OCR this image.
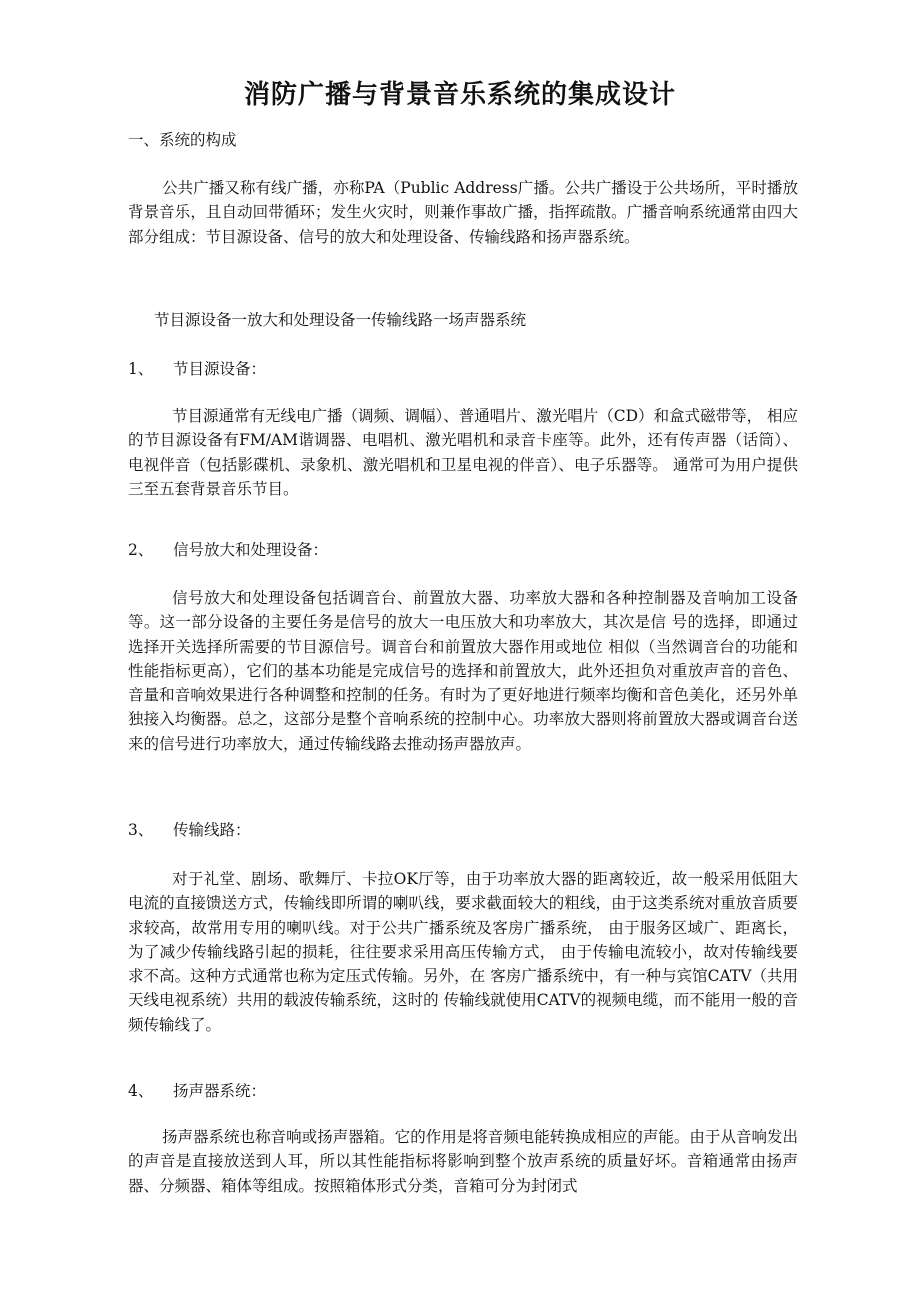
消防广播与背景音乐系统的集成设计

一、系统的构成

公共广播又称有线广播，亦称PA（Public Address广播。公共广播设于公共场所，平时播放背景音乐，且自动回带循环；发生火灾时，则兼作事故广播，指挥疏散。广播音响系统通常由四大部分组成：节目源设备、信号的放大和处理设备、传输线路和扬声器系统。

节目源设备一放大和处理设备一传输线路一场声器系统

1、 节目源设备：

节目源通常有无线电广播（调频、调幅）、普通唱片、激光唱片（CD）和盒式磁带等， 相应的节目源设备有FM/AM谐调器、电唱机、激光唱机和录音卡座等。此外，还有传声器（话筒）、电视伴音（包括影碟机、录象机、激光唱机和卫星电视的伴音）、电子乐器等。 通常可为用户提供三至五套背景音乐节目。

2、 信号放大和处理设备：

信号放大和处理设备包括调音台、前置放大器、功率放大器和各种控制器及音响加工设备等。这一部分设备的主要任务是信号的放大一电压放大和功率放大，其次是信 号的选择，即通过选择开关选择所需要的节目源信号。调音台和前置放大器作用或地位 相似（当然调音台的功能和性能指标更高），它们的基本功能是完成信号的选择和前置放大，此外还担负对重放声音的音色、音量和音响效果进行各种调整和控制的任务。有时为了更好地进行频率均衡和音色美化，还另外单独接入均衡器。总之，这部分是整个音响系统的控制中心。功率放大器则将前置放大器或调音台送来的信号进行功率放大，通过传输线路去推动扬声器放声。

3、 传输线路：

对于礼堂、剧场、歌舞厅、卡拉OK厅等，由于功率放大器的距离较近，故一般采用低阻大电流的直接馈送方式，传输线即所谓的喇叭线，要求截面较大的粗线，由于这类系统对重放音质要求较高，故常用专用的喇叭线。对于公共广播系统及客房广播系统， 由于服务区域广、距离长，为了减少传输线路引起的损耗，往往要求采用高压传输方式， 由于传输电流较小，故对传输线要求不高。这种方式通常也称为定压式传输。另外，在 客房广播系统中，有一种与宾馆CATV（共用天线电视系统）共用的载波传输系统，这时的 传输线就使用CATV的视频电缆，而不能用一般的音频传输线了。

4、 扬声器系统：

扬声器系统也称音响或扬声器箱。它的作用是将音频电能转换成相应的声能。由于从音响发出的声音是直接放送到人耳，所以其性能指标将影响到整个放声系统的质量好坏。音箱通常由扬声器、分频器、箱体等组成。按照箱体形式分类，音箱可分为封闭式
